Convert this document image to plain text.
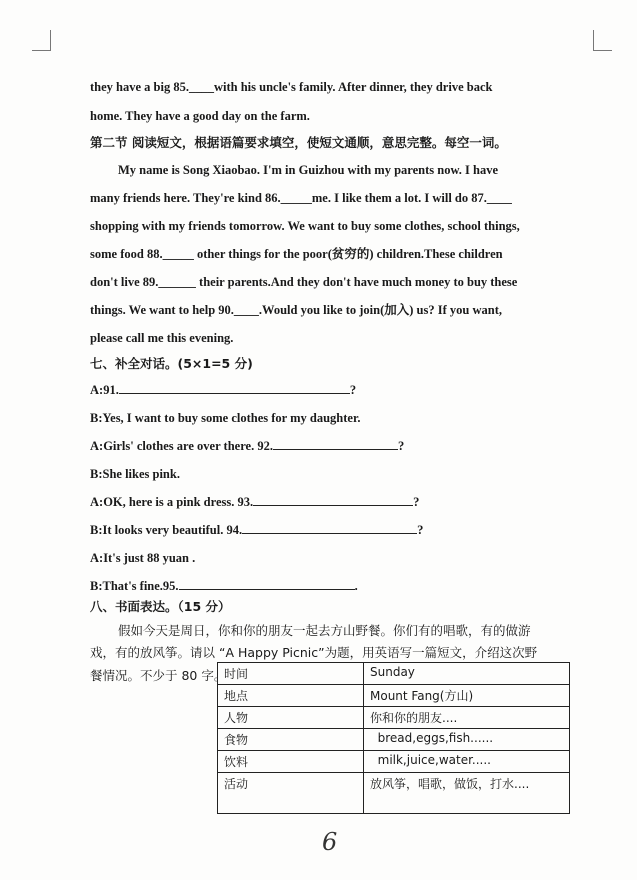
they have a big 85.____with his uncle's family. After dinner, they drive back
home. They have a good day on the farm.
第二节 阅读短文，根据语篇要求填空，使短文通顺，意思完整。每空一词。
My name is Song Xiaobao. I'm in Guizhou with my parents now. I have
many friends here. They're kind 86._____me. I like them a lot. I will do 87.____
shopping with my friends tomorrow. We want to buy some clothes, school things,
some food 88._____ other things for the poor(贫穷的) children.These children
don't live 89.______ their parents.And they don't have much money to buy these
things. We want to help 90.____.Would you like to join(加入) us? If you want,
please call me this evening.
七、补全对话。(5×1=5 分)
A:91.	?
B:Yes, I want to buy some clothes for my daughter.
A:Girls' clothes are over there. 92.	?
B:She likes pink.
A:OK, here is a pink dress. 93.	?
B:It looks very beautiful. 94.	?
A:It's just 88 yuan .
B:That's fine.95.	.
八、书面表达。（15 分）
假如今天是周日，你和你的朋友一起去方山野餐。你们有的唱歌，有的做游
戏，有的放风筝。请以 “A Happy Picnic”为题，用英语写一篇短文，介绍这次野
餐情况。不少于 80 字。
时间	Sunday
地点	Mount Fang(方山)
人物	你和你的朋友....
食物	bread,eggs,fish......
饮料	milk,juice,water.....
活动	放风筝，唱歌，做饭，打水....
6
